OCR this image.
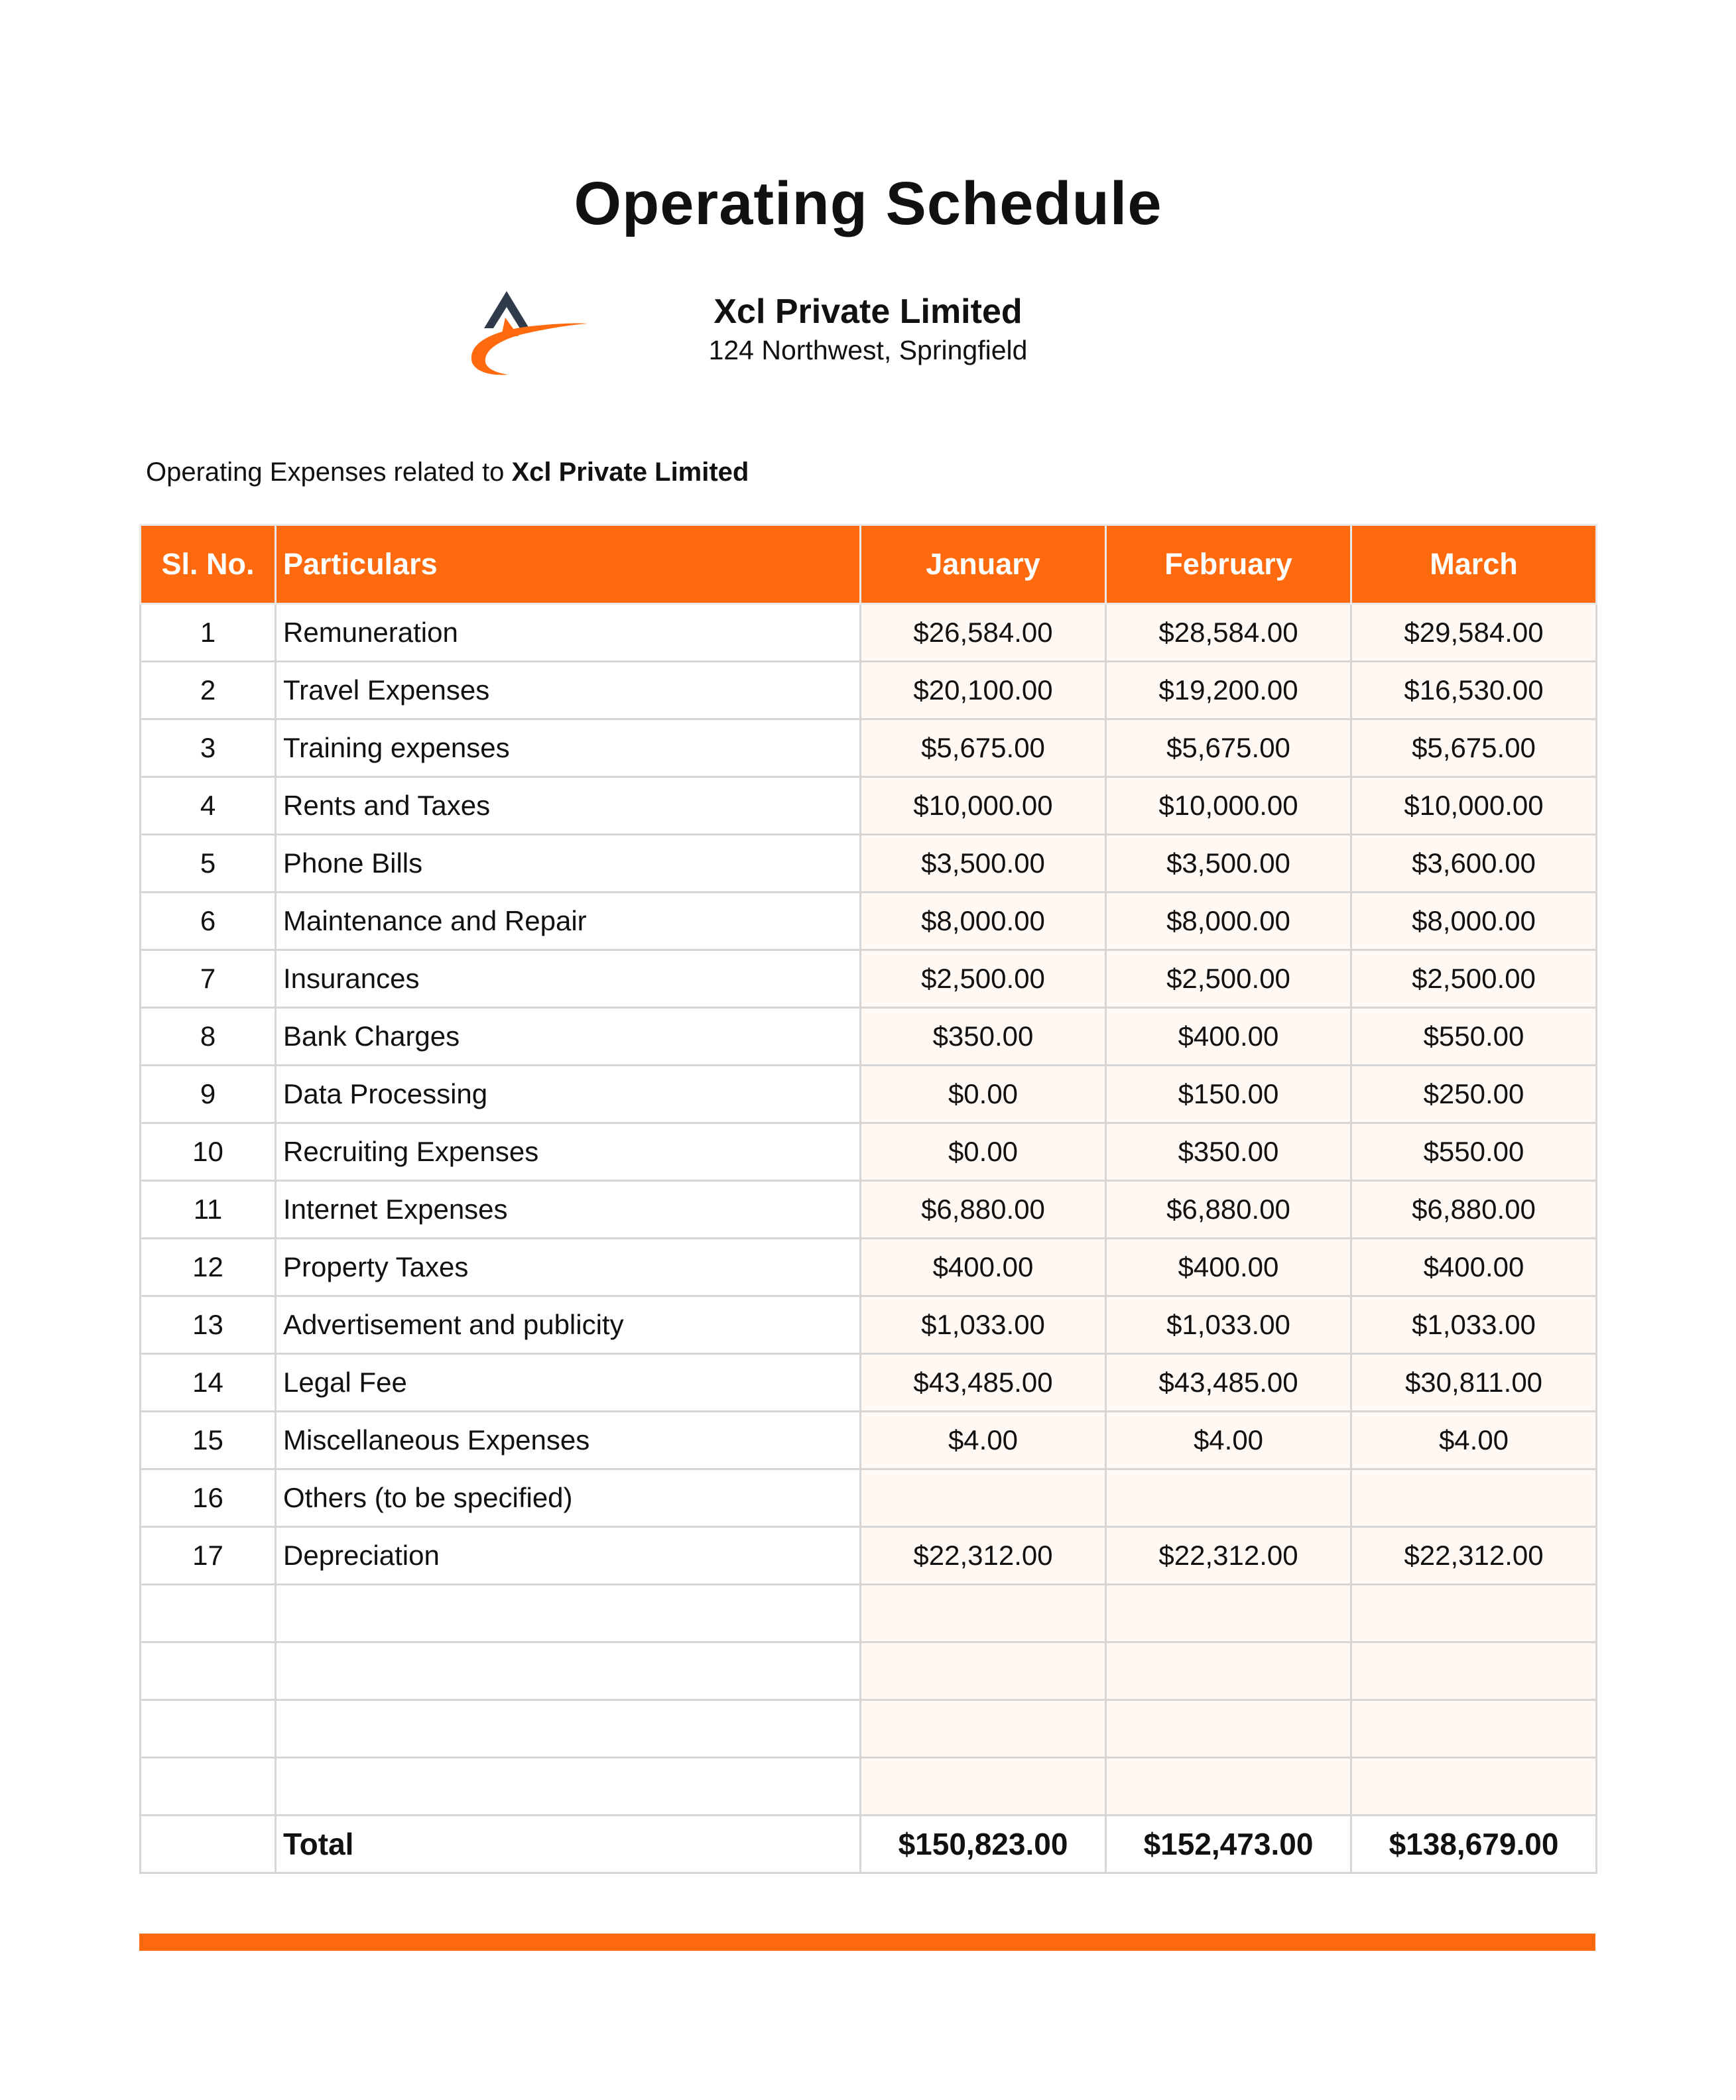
Operating Schedule
Xcl Private Limited
124 Northwest, Springfield
Operating Expenses related to Xcl Private Limited
Sl. No.	Particulars	January	February	March
1	Remuneration	$26,584.00	$28,584.00	$29,584.00
2	Travel Expenses	$20,100.00	$19,200.00	$16,530.00
3	Training expenses	$5,675.00	$5,675.00	$5,675.00
4	Rents and Taxes	$10,000.00	$10,000.00	$10,000.00
5	Phone Bills	$3,500.00	$3,500.00	$3,600.00
6	Maintenance and Repair	$8,000.00	$8,000.00	$8,000.00
7	Insurances	$2,500.00	$2,500.00	$2,500.00
8	Bank Charges	$350.00	$400.00	$550.00
9	Data Processing	$0.00	$150.00	$250.00
10	Recruiting Expenses	$0.00	$350.00	$550.00
11	Internet Expenses	$6,880.00	$6,880.00	$6,880.00
12	Property Taxes	$400.00	$400.00	$400.00
13	Advertisement and publicity	$1,033.00	$1,033.00	$1,033.00
14	Legal Fee	$43,485.00	$43,485.00	$30,811.00
15	Miscellaneous Expenses	$4.00	$4.00	$4.00
16	Others (to be specified)			
17	Depreciation	$22,312.00	$22,312.00	$22,312.00

	Total	$150,823.00	$152,473.00	$138,679.00
